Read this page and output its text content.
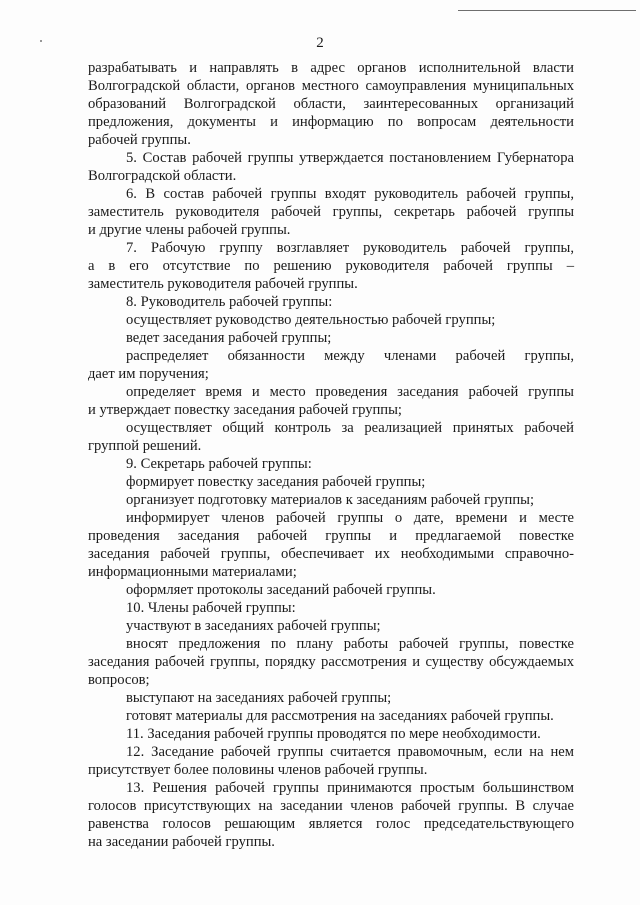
2
разрабатывать и направлять в адрес органов исполнительной власти
Волгоградской области, органов местного самоуправления муниципальных
образований Волгоградской области, заинтересованных организаций
предложения, документы и информацию по вопросам деятельности
рабочей группы.
5. Состав рабочей группы утверждается постановлением Губернатора
Волгоградской области.
6. В состав рабочей группы входят руководитель рабочей группы,
заместитель руководителя рабочей группы, секретарь рабочей группы
и другие члены рабочей группы.
7. Рабочую группу возглавляет руководитель рабочей группы,
а в его отсутствие по решению руководителя рабочей группы –
заместитель руководителя рабочей группы.
8. Руководитель рабочей группы:
осуществляет руководство деятельностью рабочей группы;
ведет заседания рабочей группы;
распределяет обязанности между членами рабочей группы,
дает им поручения;
определяет время и место проведения заседания рабочей группы
и утверждает повестку заседания рабочей группы;
осуществляет общий контроль за реализацией принятых рабочей
группой решений.
9. Секретарь рабочей группы:
формирует повестку заседания рабочей группы;
организует подготовку материалов к заседаниям рабочей группы;
информирует членов рабочей группы о дате, времени и месте
проведения заседания рабочей группы и предлагаемой повестке
заседания рабочей группы, обеспечивает их необходимыми справочно-
информационными материалами;
оформляет протоколы заседаний рабочей группы.
10. Члены рабочей группы:
участвуют в заседаниях рабочей группы;
вносят предложения по плану работы рабочей группы, повестке
заседания рабочей группы, порядку рассмотрения и существу обсуждаемых
вопросов;
выступают на заседаниях рабочей группы;
готовят материалы для рассмотрения на заседаниях рабочей группы.
11. Заседания рабочей группы проводятся по мере необходимости.
12. Заседание рабочей группы считается правомочным, если на нем
присутствует более половины членов рабочей группы.
13. Решения рабочей группы принимаются простым большинством
голосов присутствующих на заседании членов рабочей группы. В случае
равенства голосов решающим является голос председательствующего
на заседании рабочей группы.
